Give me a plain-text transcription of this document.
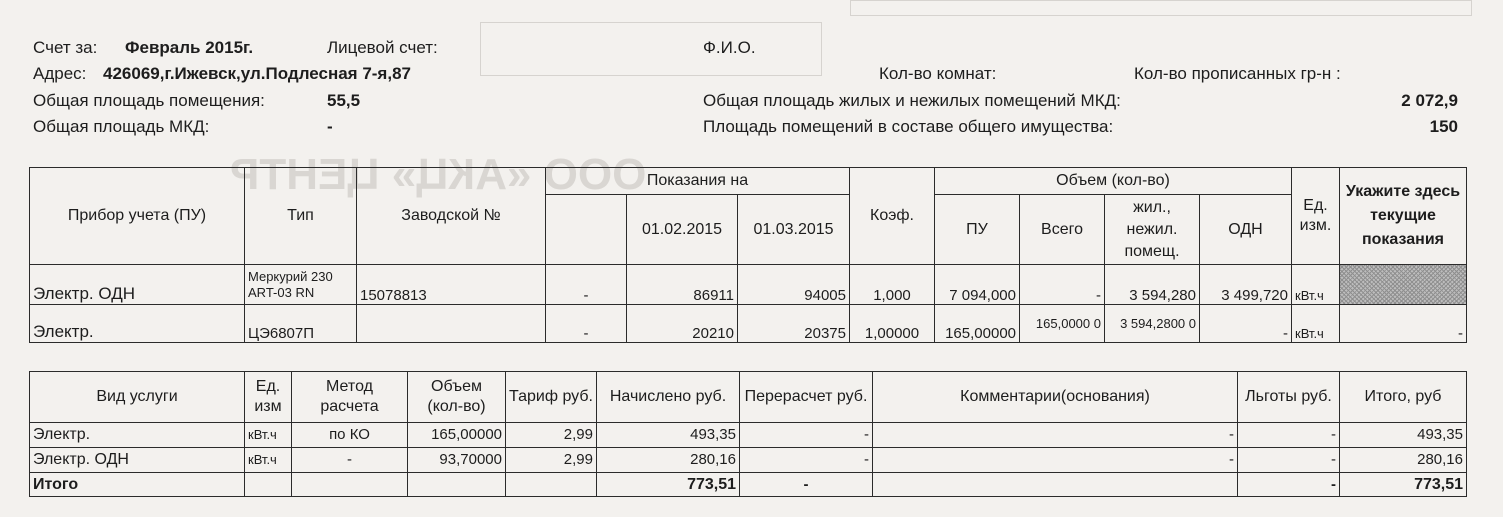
ООО «АКЦ» ЦЕНТР
Счет за: Февраль 2015г.	Лицевой счет:	Ф.И.О.
Адрес: 426069,г.Ижевск,ул.Подлесная 7-я,87	Кол-во комнат:	Кол-во прописанных гр-н :
Общая площадь помещения:	55,5	Общая площадь жилых и нежилых помещений МКД:	2 072,9
Общая площадь МКД:	-	Площадь помещений в составе общего имущества:	150
Прибор учета (ПУ)	Тип	Заводской №	Показания на			Коэф.	Объем (кол-во)				Ед. изм.	Укажите здесь текущие показания
				01.02.2015	01.03.2015		ПУ	Всего	жил., нежил. помещ.	ОДН		
Электр. ОДН	Меркурий 230 ART-03 RN	15078813	-	86911	94005	1,000	7 094,000	-	3 594,280	3 499,720	кВт.ч	
Электр.	ЦЭ6807П		-	20210	20375	1,00000	165,00000	165,0000 0	3 594,2800 0	-	кВт.ч	-
Вид услуги	Ед. изм	Метод расчета	Объем (кол-во)	Тариф руб.	Начислено руб.	Перерасчет руб.	Комментарии(основания)	Льготы руб.	Итого, руб
Электр.	кВт.ч	по КО	165,00000	2,99	493,35	-	-	-	493,35
Электр. ОДН	кВт.ч	-	93,70000	2,99	280,16	-	-	-	280,16
Итого					773,51	-		-	773,51
